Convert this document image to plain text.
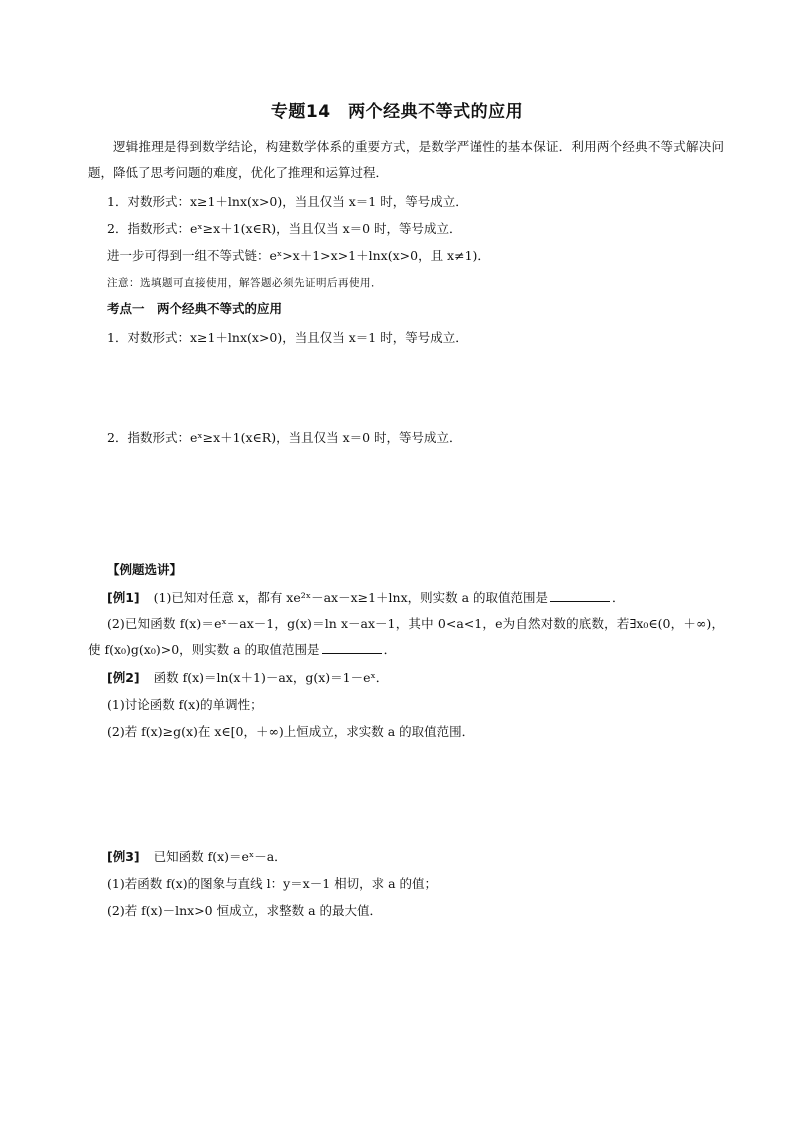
专题14　两个经典不等式的应用
逻辑推理是得到数学结论，构建数学体系的重要方式，是数学严谨性的基本保证．利用两个经典不等式解决问题，降低了思考问题的难度，优化了推理和运算过程．
1．对数形式：x≥1＋lnx(x>0)，当且仅当 x＝1 时，等号成立．
2．指数形式：eˣ≥x＋1(x∈R)，当且仅当 x＝0 时，等号成立．
进一步可得到一组不等式链：eˣ>x＋1>x>1＋lnx(x>0，且 x≠1)．
注意：选填题可直接使用，解答题必须先证明后再使用．
考点一　两个经典不等式的应用
1．对数形式：x≥1＋lnx(x>0)，当且仅当 x＝1 时，等号成立．
2．指数形式：eˣ≥x＋1(x∈R)，当且仅当 x＝0 时，等号成立．
【例题选讲】
[例1] (1)已知对任意 x，都有 xe²ˣ－ax－x≥1＋lnx，则实数 a 的取值范围是	．
(2)已知函数 f(x)＝eˣ－ax－1，g(x)＝ln x－ax－1，其中 0<a<1，e为自然对数的底数，若∃x₀∈(0，＋∞)，使 f(x₀)g(x₀)>0，则实数 a 的取值范围是	．
[例2] 函数 f(x)＝ln(x＋1)－ax，g(x)＝1－eˣ．
(1)讨论函数 f(x)的单调性；
(2)若 f(x)≥g(x)在 x∈[0，＋∞)上恒成立，求实数 a 的取值范围．
[例3] 已知函数 f(x)＝eˣ－a．
(1)若函数 f(x)的图象与直线 l：y＝x－1 相切，求 a 的值；
(2)若 f(x)－lnx>0 恒成立，求整数 a 的最大值．
